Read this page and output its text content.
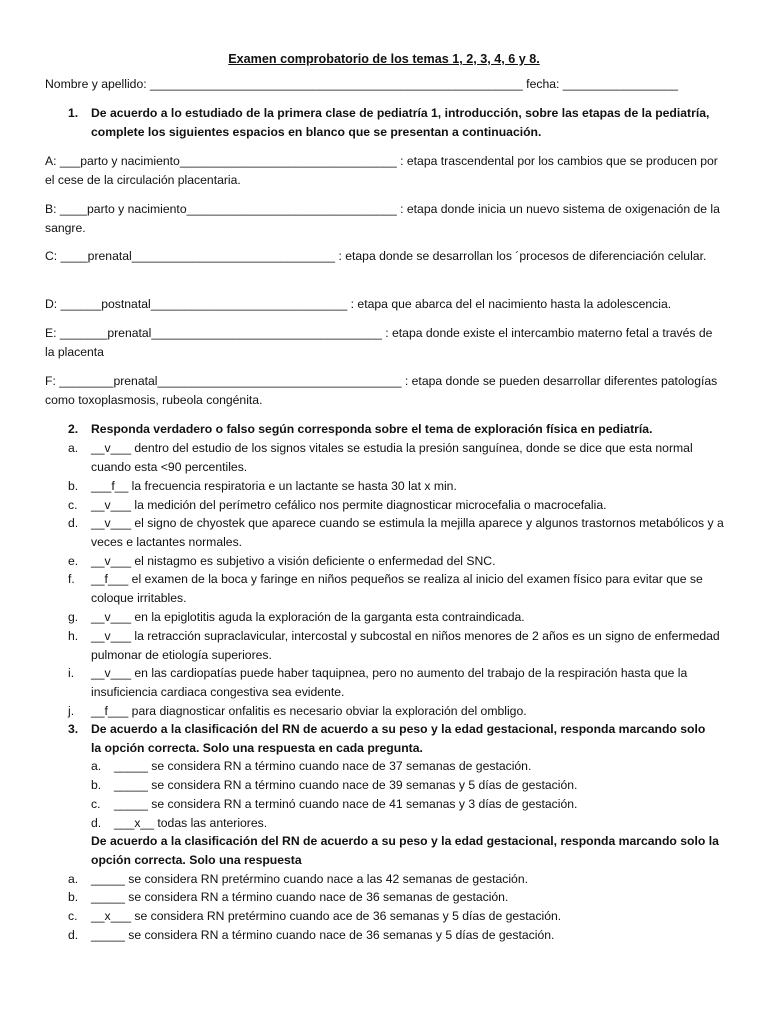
Examen comprobatorio de los temas 1, 2, 3, 4, 6 y 8.
Nombre y apellido: _______________________________________________________ fecha: _________________
1. De acuerdo a lo estudiado de la primera clase de pediatría 1, introducción, sobre las etapas de la pediatría, complete los siguientes espacios en blanco que se presentan a continuación.
A: ___parto y nacimiento________________________________ : etapa trascendental por los cambios que se producen por el cese de la circulación placentaria.
B: ____parto y nacimiento_______________________________ : etapa donde inicia un nuevo sistema de oxigenación de la sangre.
C: ____prenatal______________________________ : etapa donde se desarrollan los ´procesos de diferenciación celular.
D: ______postnatal_____________________________ : etapa que abarca del el nacimiento hasta la adolescencia.
E: _______prenatal__________________________________ : etapa donde existe el intercambio materno fetal a través de la placenta
F: ________prenatal____________________________________ : etapa donde se pueden desarrollar diferentes patologías como toxoplasmosis, rubeola congénita.
2. Responda verdadero o falso según corresponda sobre el tema de exploración física en pediatría.
a. __v___ dentro del estudio de los signos vitales se estudia la presión sanguínea, donde se dice que esta normal cuando esta <90 percentiles.
b. ___f__ la frecuencia respiratoria e un lactante se hasta 30 lat x min.
c. __v___ la medición del perímetro cefálico nos permite diagnosticar microcefalia o macrocefalia.
d. __v___ el signo de chyostek que aparece cuando se estimula la mejilla aparece y algunos trastornos metabólicos y a veces e lactantes normales.
e. __v___ el nistagmo es subjetivo a visión deficiente o enfermedad del SNC.
f. __f___ el examen de la boca y faringe en niños pequeños se realiza al inicio del examen físico para evitar que se coloque irritables.
g. __v___ en la epiglotitis aguda la exploración de la garganta esta contraindicada.
h. __v___ la retracción supraclavicular, intercostal y subcostal en niños menores de 2 años es un signo de enfermedad pulmonar de etiología superiores.
i. __v___ en las cardiopatías puede haber taquipnea, pero no aumento del trabajo de la respiración hasta que la insuficiencia cardiaca congestiva sea evidente.
j. __f___ para diagnosticar onfalitis es necesario obviar la exploración del ombligo.
3. De acuerdo a la clasificación del RN de acuerdo a su peso y la edad gestacional, responda marcando solo la opción correcta. Solo una respuesta en cada pregunta.
a. _____ se considera RN a término cuando nace de 37 semanas de gestación.
b. _____ se considera RN a término cuando nace de 39 semanas y 5 días de gestación.
c. _____ se considera RN a terminó cuando nace de 41 semanas y 3 días de gestación.
d. ___x__ todas las anteriores.
De acuerdo a la clasificación del RN de acuerdo a su peso y la edad gestacional, responda marcando solo la opción correcta. Solo una respuesta
a. _____ se considera RN pretérmino cuando nace a las 42 semanas de gestación.
b. _____ se considera RN a término cuando nace de 36 semanas de gestación.
c. __x___ se considera RN pretérmino cuando ace de 36 semanas y 5 días de gestación.
d. _____ se considera RN a término cuando nace de 36 semanas y 5 días de gestación.
